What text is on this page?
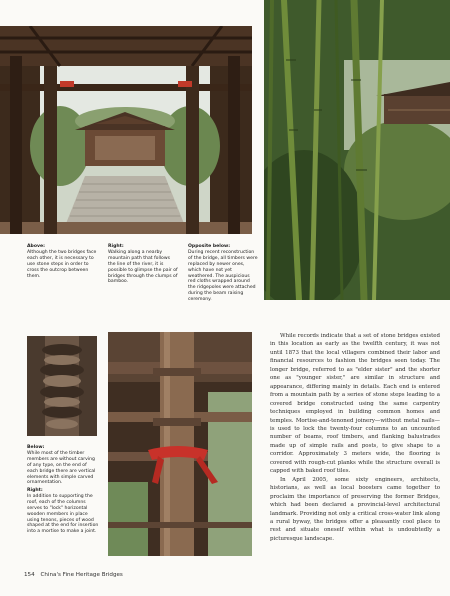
Above:
Although the two bridges face each other, it is necessary to use stone steps in order to cross the outcrop between them.
Right:
Walking along a nearby mountain path that follows the line of the river, it is possible to glimpse the pair of bridges through the clumps of bamboo.
Opposite below:
During recent reconstruction of the bridge, all timbers were replaced by newer ones, which have not yet weathered. The auspicious red cloths wrapped around the ridgepoles were attached during the beam raising ceremony.
Below:
While most of the timber members are without carving of any type, on the end of each bridge there are vertical elements with simple carved ornamentation.
Right:
In addition to supporting the roof, each of the columns serves to "lock" horizontal wooden members in place using tenons, pieces of wood shaped at the end for insertion into a mortise to make a joint.

While records indicate that a set of stone bridges existed in this location as early as the twelfth century, it was not until 1873 that the local villagers combined their labor and financial resources to fashion the bridges seen today. The longer bridge, referred to as "elder sister" and the shorter one as "younger sister," are similar in structure and appearance, differing mainly in details. Each end is entered from a mountain path by a series of stone steps leading to a covered bridge constructed using the same carpentry techniques employed in building common homes and temples. Mortise-and-tenoned joinery—without metal nails—is used to lock the twenty-four columns to an uncounted number of beams, roof timbers, and flanking balustrades made up of simple rails and posts, to give shape to a corridor. Approximately 3 meters wide, the flooring is covered with rough-cut planks while the structure overall is capped with baked roof tiles.

In April 2005, some sixty engineers, architects, historians, as well as local boosters came together to proclaim the importance of preserving the former Bridges, which had been declared a provincial-level architectural landmark. Providing not only a critical cross-water link along a rural byway, the bridges offer a pleasantly cool place to rest and situate oneself within what is undoubtedly a picturesque landscape.

154 China's Fine Heritage Bridges
